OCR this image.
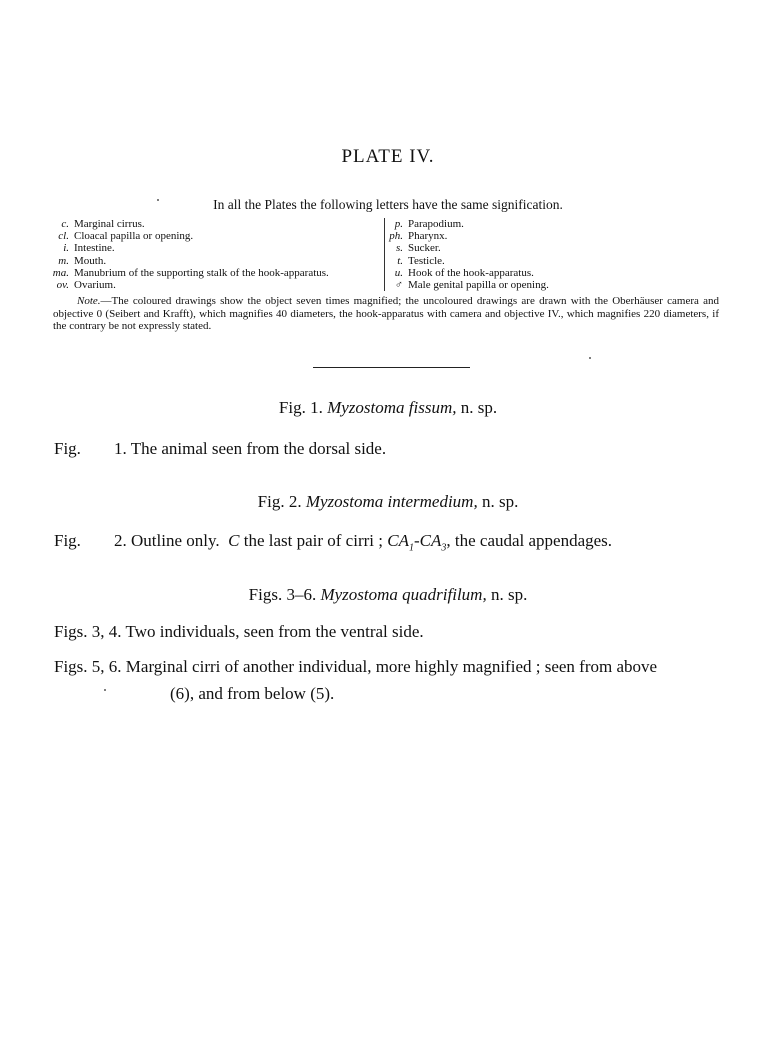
PLATE IV.
In all the Plates the following letters have the same signification.
c. Marginal cirrus.
cl. Cloacal papilla or opening.
i. Intestine.
m. Mouth.
ma. Manubrium of the supporting stalk of the hook-apparatus.
ov. Ovarium.
p. Parapodium.
ph. Pharynx.
s. Sucker.
t. Testicle.
u. Hook of the hook-apparatus.
♂ Male genital papilla or opening.
Note.—The coloured drawings show the object seven times magnified; the uncoloured drawings are drawn with the Oberhäuser camera and objective 0 (Seibert and Krafft), which magnifies 40 diameters, the hook-apparatus with camera and objective IV., which magnifies 220 diameters, if the contrary be not expressly stated.
Fig. 1. Myzostoma fissum, n. sp.
Fig. 1. The animal seen from the dorsal side.
Fig. 2. Myzostoma intermedium, n. sp.
Fig. 2. Outline only. C the last pair of cirri ; $CA_1-CA_3$, the caudal appendages.
Figs. 3–6. Myzostoma quadrifilum, n. sp.
Figs. 3, 4. Two individuals, seen from the ventral side.
Figs. 5, 6. Marginal cirri of another individual, more highly magnified ; seen from above
(6), and from below (5).
